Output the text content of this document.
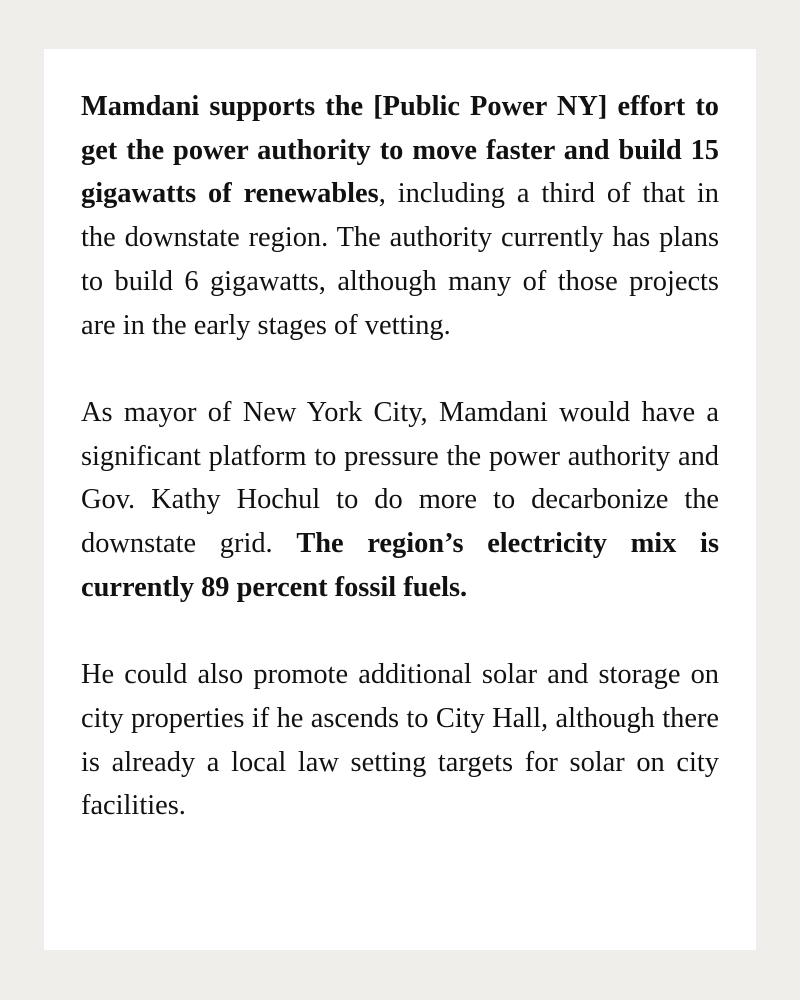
Mamdani supports the [Public Power NY] effort to get the power authority to move faster and build 15 gigawatts of renewables, including a third of that in the downstate region. The authority currently has plans to build 6 gigawatts, although many of those projects are in the early stages of vetting.

As mayor of New York City, Mamdani would have a significant platform to pressure the power authority and Gov. Kathy Hochul to do more to decarbonize the downstate grid. The region’s electricity mix is currently 89 percent fossil fuels.

He could also promote additional solar and storage on city properties if he ascends to City Hall, although there is already a local law setting targets for solar on city facilities.
